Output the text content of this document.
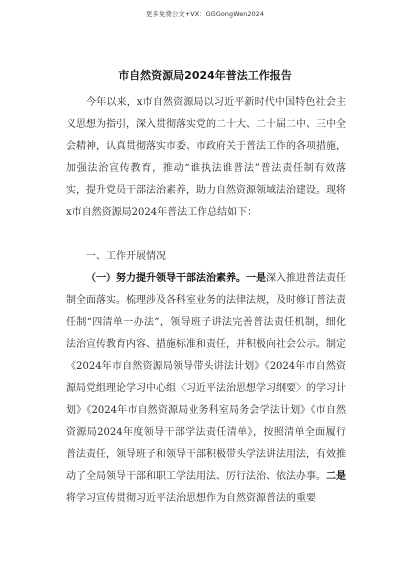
更多免费公文+VX：GGGongWen2024
市自然资源局2024年普法工作报告

今年以来，x市自然资源局以习近平新时代中国特色社会主义思想为指引，深入贯彻落实党的二十大、二十届二中、三中全会精神，认真贯彻落实市委、市政府关于普法工作的各项措施，加强法治宣传教育，推动“谁执法谁普法”普法责任制有效落实，提升党员干部法治素养，助力自然资源领域法治建设。现将x市自然资源局2024年普法工作总结如下：

一、工作开展情况

（一）努力提升领导干部法治素养。一是深入推进普法责任制全面落实。梳理涉及各科室业务的法律法规，及时修订普法责任制“四清单一办法”，领导班子讲法完善普法责任机制，细化法治宣传教育内容、措施标准和责任，并积极向社会公示。制定《2024年市自然资源局领导带头讲法计划》《2024年市自然资源局党组理论学习中心组〈习近平法治思想学习纲要〉的学习计划》《2024年市自然资源局业务科室局务会学法计划》《市自然资源局2024年度领导干部学法责任清单》，按照清单全面履行普法责任，领导班子和领导干部积极带头学法讲法用法，有效推动了全局领导干部和职工学法用法、厉行法治、依法办事。二是将学习宣传贯彻习近平法治思想作为自然资源普法的重要
